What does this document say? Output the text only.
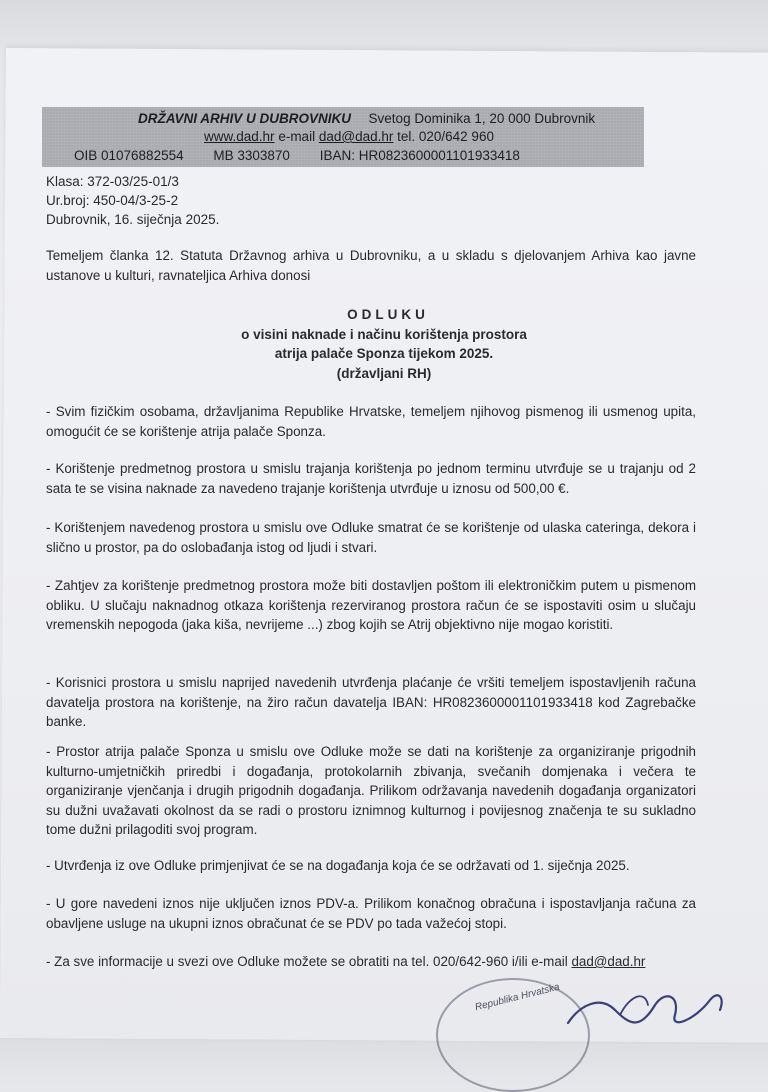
DRŽAVNI ARHIV U DUBROVNIKU Svetog Dominika 1, 20 000 Dubrovnik
www.dad.hr e-mail dad@dad.hr tel. 020/642 960
OIB 01076882554 MB 3303870 IBAN: HR0823600001101933418
Klasa: 372-03/25-01/3
Ur.broj: 450-04/3-25-2
Dubrovnik, 16. siječnja 2025.
Temeljem članka 12. Statuta Državnog arhiva u Dubrovniku, a u skladu s djelovanjem Arhiva kao javne ustanove u kulturi, ravnateljica Arhiva donosi
ODLUKU
o visini naknade i načinu korištenja prostora
atrija palače Sponza tijekom 2025.
(državljani RH)
- Svim fizičkim osobama, državljanima Republike Hrvatske, temeljem njihovog pismenog ili usmenog upita, omogućit će se korištenje atrija palače Sponza.
- Korištenje predmetnog prostora u smislu trajanja korištenja po jednom terminu utvrđuje se u trajanju od 2 sata te se visina naknade za navedeno trajanje korištenja utvrđuje u iznosu od 500,00 €.
- Korištenjem navedenog prostora u smislu ove Odluke smatrat će se korištenje od ulaska cateringa, dekora i slično u prostor, pa do oslobađanja istog od ljudi i stvari.
- Zahtjev za korištenje predmetnog prostora može biti dostavljen poštom ili elektroničkim putem u pismenom obliku. U slučaju naknadnog otkaza korištenja rezerviranog prostora račun će se ispostaviti osim u slučaju vremenskih nepogoda (jaka kiša, nevrijeme ...) zbog kojih se Atrij objektivno nije mogao koristiti.
- Korisnici prostora u smislu naprijed navedenih utvrđenja plaćanje će vršiti temeljem ispostavljenih računa davatelja prostora na korištenje, na žiro račun davatelja IBAN: HR0823600001101933418 kod Zagrebačke banke.
- Prostor atrija palače Sponza u smislu ove Odluke može se dati na korištenje za organiziranje prigodnih kulturno-umjetničkih priredbi i događanja, protokolarnih zbivanja, svečanih domjenaka i večera te organiziranje vjenčanja i drugih prigodnih događanja. Prilikom održavanja navedenih događanja organizatori su dužni uvažavati okolnost da se radi o prostoru iznimnog kulturnog i povijesnog značenja te su sukladno tome dužni prilagoditi svoj program.
- Utvrđenja iz ove Odluke primjenjivat će se na događanja koja će se održavati od 1. siječnja 2025.
- U gore navedeni iznos nije uključen iznos PDV-a. Prilikom konačnog obračuna i ispostavljanja računa za obavljene usluge na ukupni iznos obračunat će se PDV po tada važećoj stopi.
- Za sve informacije u svezi ove Odluke možete se obratiti na tel. 020/642-960 i/ili e-mail dad@dad.hr
Republika Hrvatska
